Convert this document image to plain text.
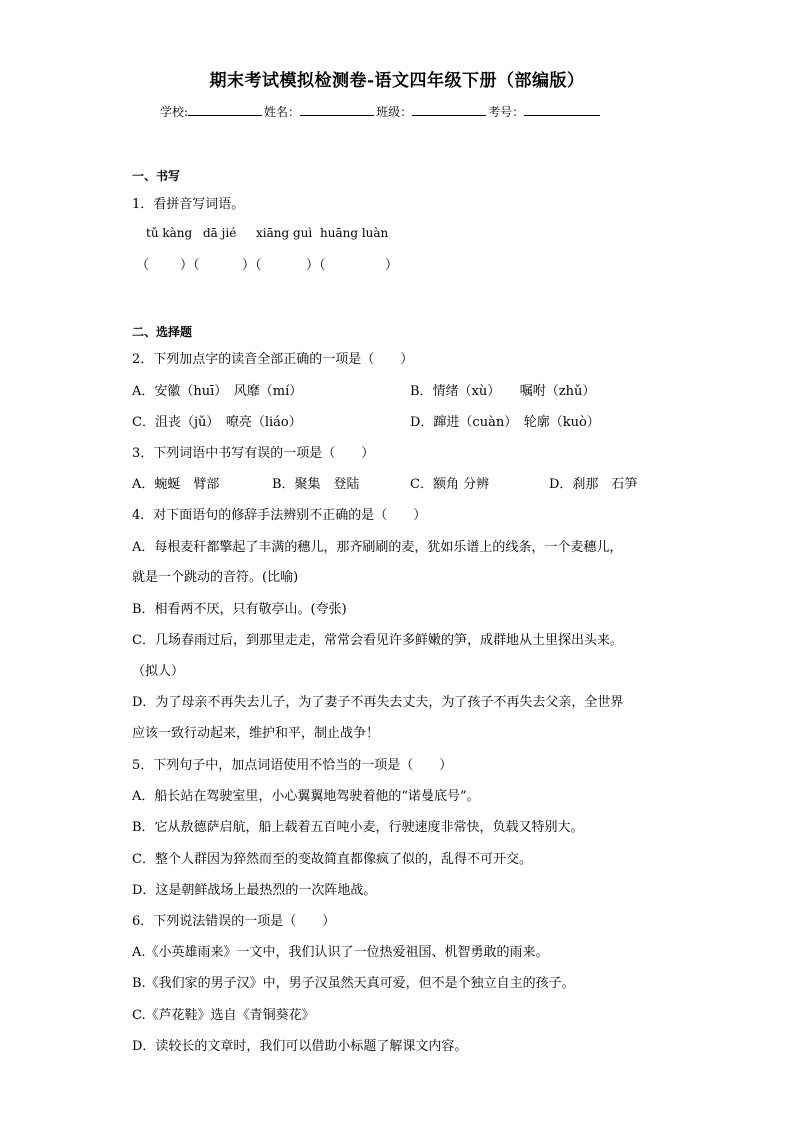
期末考试模拟检测卷-语文四年级下册（部编版）
学校:	姓名：	班级：	考号：
一、书写
1．看拼音写词语。
tǔ kàng dā jié xiāng guì huāng luàn
（ ）（	）（	）（	）
二、选择题
2．下列加点字的读音全部正确的一项是（　　）
A．安徽（huī）　风靡（mí）	B．情绪（xù）　　嘱咐（zhǔ）
C．沮丧（jǔ）　嘹亮（liáo）	D．蹿进（cuàn）　轮廓（kuò）
3．下列词语中书写有误的一项是（　　）
A．蜿蜒　臂部	B．聚集　登陆	C．额角 分辨	D．刹那　石笋
4．对下面语句的修辞手法辨别不正确的是（　　）
A．每根麦秆都擎起了丰满的穗儿，那齐刷刷的麦，犹如乐谱上的线条，一个麦穗儿，
就是一个跳动的音符。(比喻)
B．相看两不厌，只有敬亭山。(夸张)
C．几场春雨过后，到那里走走，常常会看见许多鲜嫩的笋，成群地从土里探出头来。
（拟人）
D．为了母亲不再失去儿子，为了妻子不再失去丈夫，为了孩子不再失去父亲，全世界
应该一致行动起来，维护和平，制止战争！
5．下列句子中，加点词语使用不恰当的一项是（　　）
A．船长站在驾驶室里，小心翼翼地驾驶着他的“诺曼底号”。
B．它从敖德萨启航，船上载着五百吨小麦，行驶速度非常快，负载又特别大。
C．整个人群因为猝然而至的变故简直都像疯了似的，乱得不可开交。
D．这是朝鲜战场上最热烈的一次阵地战。
6．下列说法错误的一项是（　　）
A.《小英雄雨来》一文中，我们认识了一位热爱祖国、机智勇敢的雨来。
B.《我们家的男子汉》中，男子汉虽然天真可爱，但不是个独立自主的孩子。
C.《芦花鞋》选自《青铜葵花》
D．读较长的文章时，我们可以借助小标题了解课文内容。
